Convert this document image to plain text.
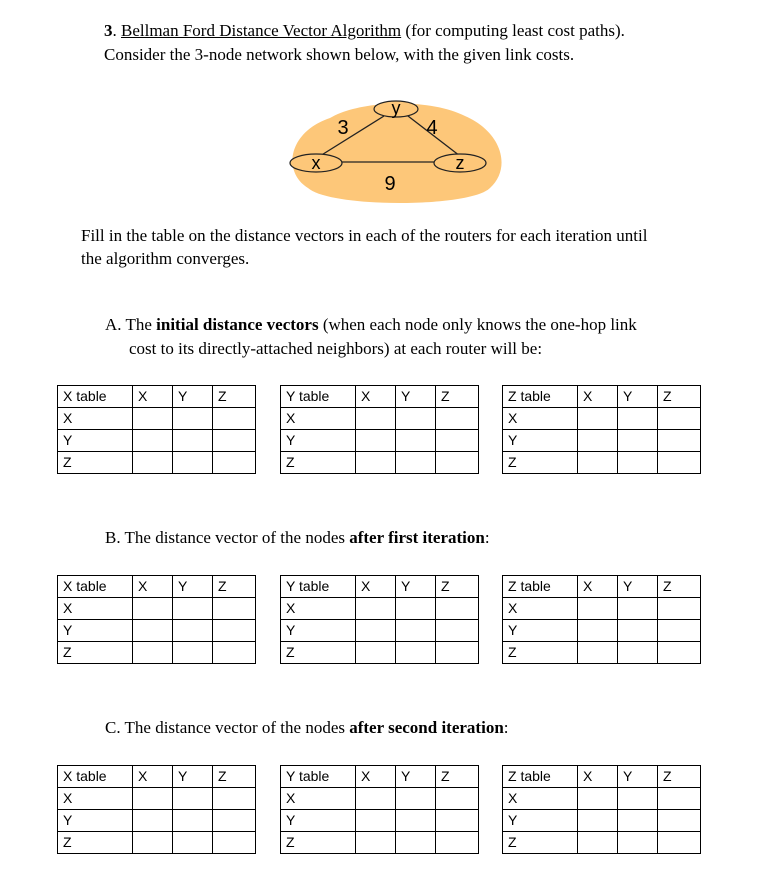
3. Bellman Ford Distance Vector Algorithm (for computing least cost paths).
Consider the 3-node network shown below, with the given link costs.
y
x	z
3	4
9
Fill in the table on the distance vectors in each of the routers for each iteration until
the algorithm converges.
A. The initial distance vectors (when each node only knows the one-hop link
cost to its directly-attached neighbors) at each router will be:
X table	X	Y	Z
X			
Y			
Z			
Y table	X	Y	Z
X			
Y			
Z			
Z table	X	Y	Z
X			
Y			
Z			
B. The distance vector of the nodes after first iteration:
X table	X	Y	Z
X			
Y			
Z			
Y table	X	Y	Z
X			
Y			
Z			
Z table	X	Y	Z
X			
Y			
Z			
C. The distance vector of the nodes after second iteration:
X table	X	Y	Z
X			
Y			
Z			
Y table	X	Y	Z
X			
Y			
Z			
Z table	X	Y	Z
X			
Y			
Z			
